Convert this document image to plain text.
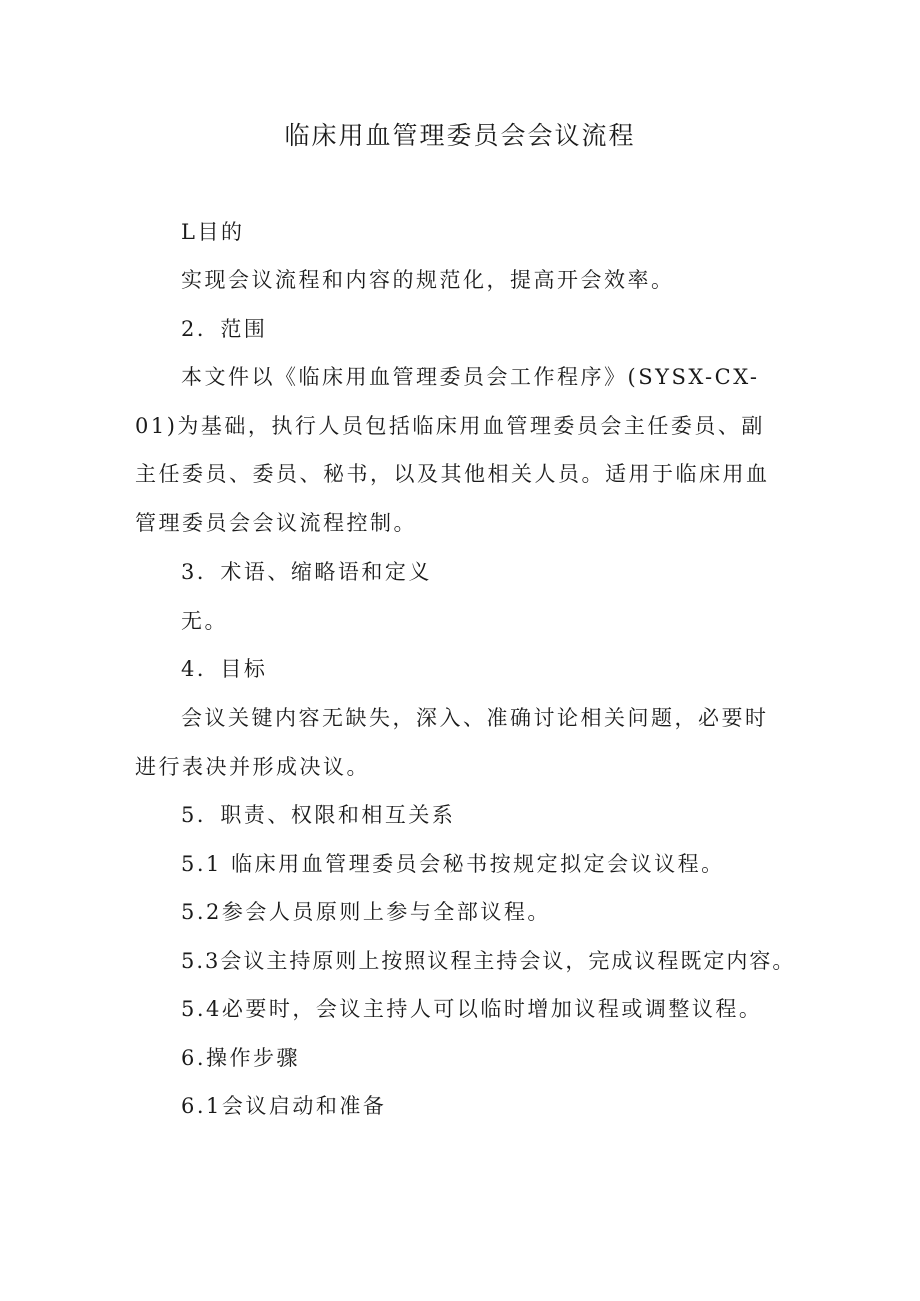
临床用血管理委员会会议流程

L目的

实现会议流程和内容的规范化，提高开会效率。

2．范围

本文件以《临床用血管理委员会工作程序》(SYSX-CX-01)为基础，执行人员包括临床用血管理委员会主任委员、副主任委员、委员、秘书，以及其他相关人员。适用于临床用血管理委员会会议流程控制。

3．术语、缩略语和定义

无。

4．目标

会议关键内容无缺失，深入、准确讨论相关问题，必要时进行表决并形成决议。

5．职责、权限和相互关系

5.1 临床用血管理委员会秘书按规定拟定会议议程。

5.2参会人员原则上参与全部议程。

5.3会议主持原则上按照议程主持会议，完成议程既定内容。

5.4必要时，会议主持人可以临时增加议程或调整议程。

6.操作步骤

6.1会议启动和准备
